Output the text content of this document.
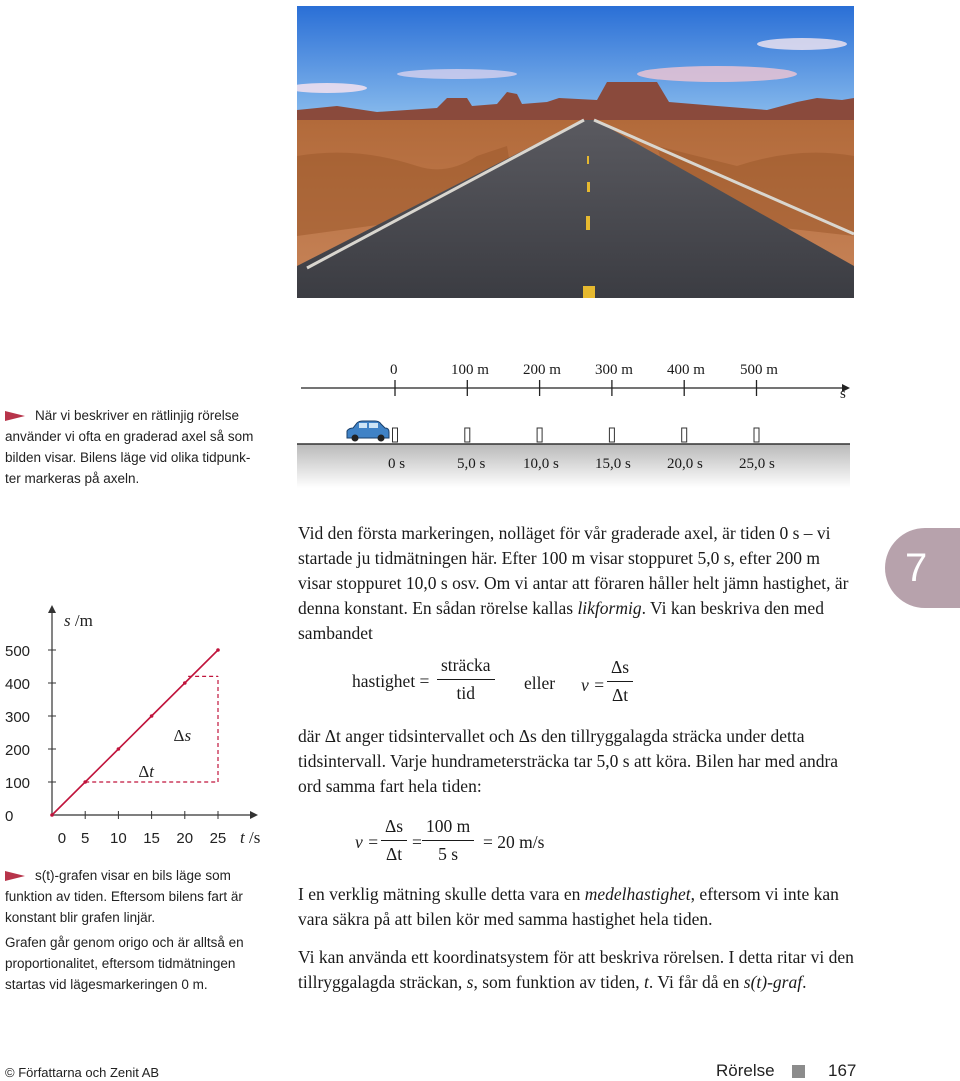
0	100 m 200 m 300 m 400 m 500 m
s
0 s	5,0 s	10,0 s 15,0 s 20,0 s 25,0 s
När vi beskriver en rätlinjig rörelse använder vi ofta en graderad axel så som bilden visar. Bilens läge vid olika tidpunk-ter markeras på axeln.
0
100
200
300
400
500
0 5 10 15 20 25 t /s
s /m
Δt
Δs
s(t)-grafen visar en bils läge som funktion av tiden. Eftersom bilens fart är konstant blir grafen linjär.
Grafen går genom origo och är alltså en proportionalitet, eftersom tidmätningen startas vid lägesmarkeringen 0 m.
7

Vid den första markeringen, nolläget för vår graderade axel, är tiden 0 s – vi startade ju tidmätningen här. Efter 100 m visar stoppuret 5,0 s, efter 200 m visar stoppuret 10,0 s osv. Om vi antar att föraren håller helt jämn hastighet, är denna konstant. En sådan rörelse kallas likformig. Vi kan beskriva den med sambandet

hastighet =
sträcka
tid	eller $v = \frac{\Delta s}{\Delta t}$
där Δt anger tidsintervallet och Δs den tillryggalagda sträcka under detta tidsintervall. Varje hundrametersträcka tar 5,0 s att köra. Bilen har med andra ord samma fart hela tiden:
$v = \frac{\Delta s}{\Delta t} = \frac{100 m}{5 s} = 20$ m/s

I en verklig mätning skulle detta vara en medelhastighet, eftersom vi inte kan vara säkra på att bilen kör med samma hastighet hela tiden.

Vi kan använda ett koordinatsystem för att beskriva rörelsen. I detta ritar vi den tillryggalagda sträckan, s, som funktion av tiden, t. Vi får då en s(t)-graf.

© Författarna och Zenit AB	Rörelse	167
